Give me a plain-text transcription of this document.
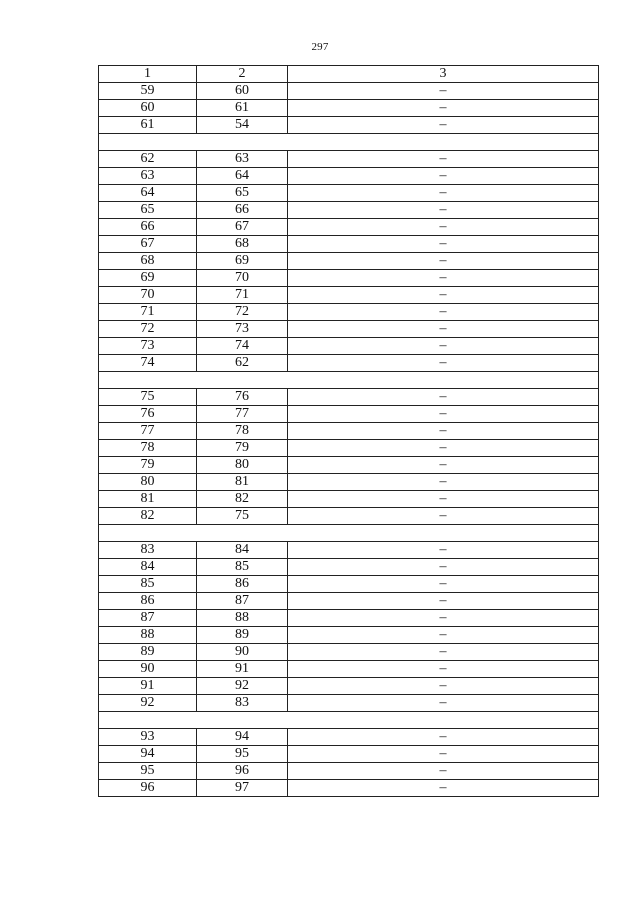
297
1	2	3
59	60	–
60	61	–
61	54	–

62	63	–
63	64	–
64	65	–
65	66	–
66	67	–
67	68	–
68	69	–
69	70	–
70	71	–
71	72	–
72	73	–
73	74	–
74	62	–

75	76	–
76	77	–
77	78	–
78	79	–
79	80	–
80	81	–
81	82	–
82	75	–

83	84	–
84	85	–
85	86	–
86	87	–
87	88	–
88	89	–
89	90	–
90	91	–
91	92	–
92	83	–

93	94	–
94	95	–
95	96	–
96	97	–
